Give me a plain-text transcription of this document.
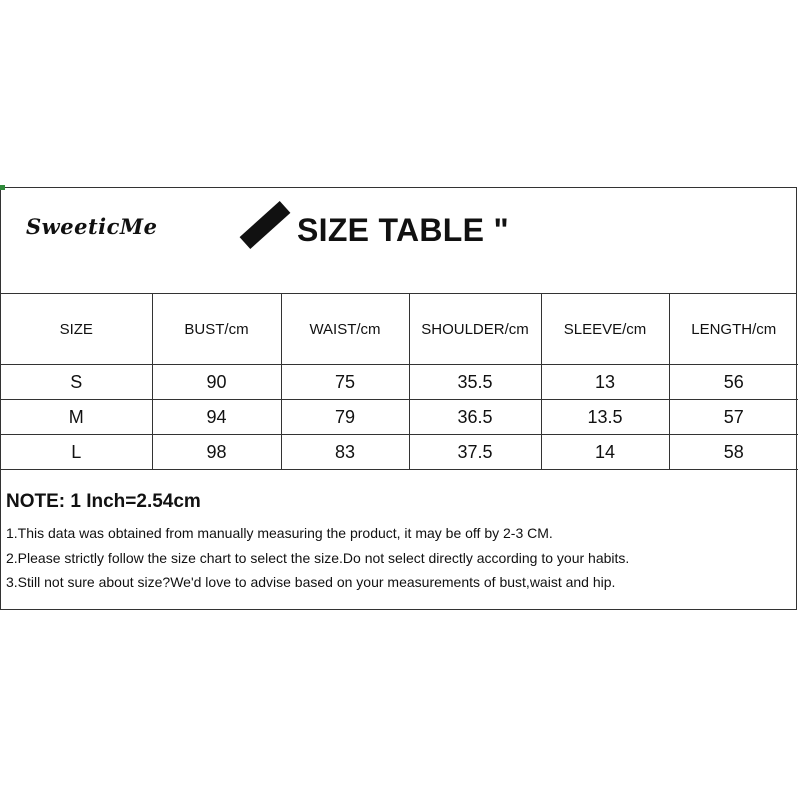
SweeticMe	SIZE TABLE "
SIZE	BUST/cm	WAIST/cm	SHOULDER/cm	SLEEVE/cm	LENGTH/cm
S	90	75	35.5	13	56
M	94	79	36.5	13.5	57
L	98	83	37.5	14	58
NOTE: 1 Inch=2.54cm
1.This data was obtained from manually measuring the product, it may be off by 2-3 CM.
2.Please strictly follow the size chart to select the size.Do not select directly according to your habits.
3.Still not sure about size?We'd love to advise based on your measurements of bust,waist and hip.
